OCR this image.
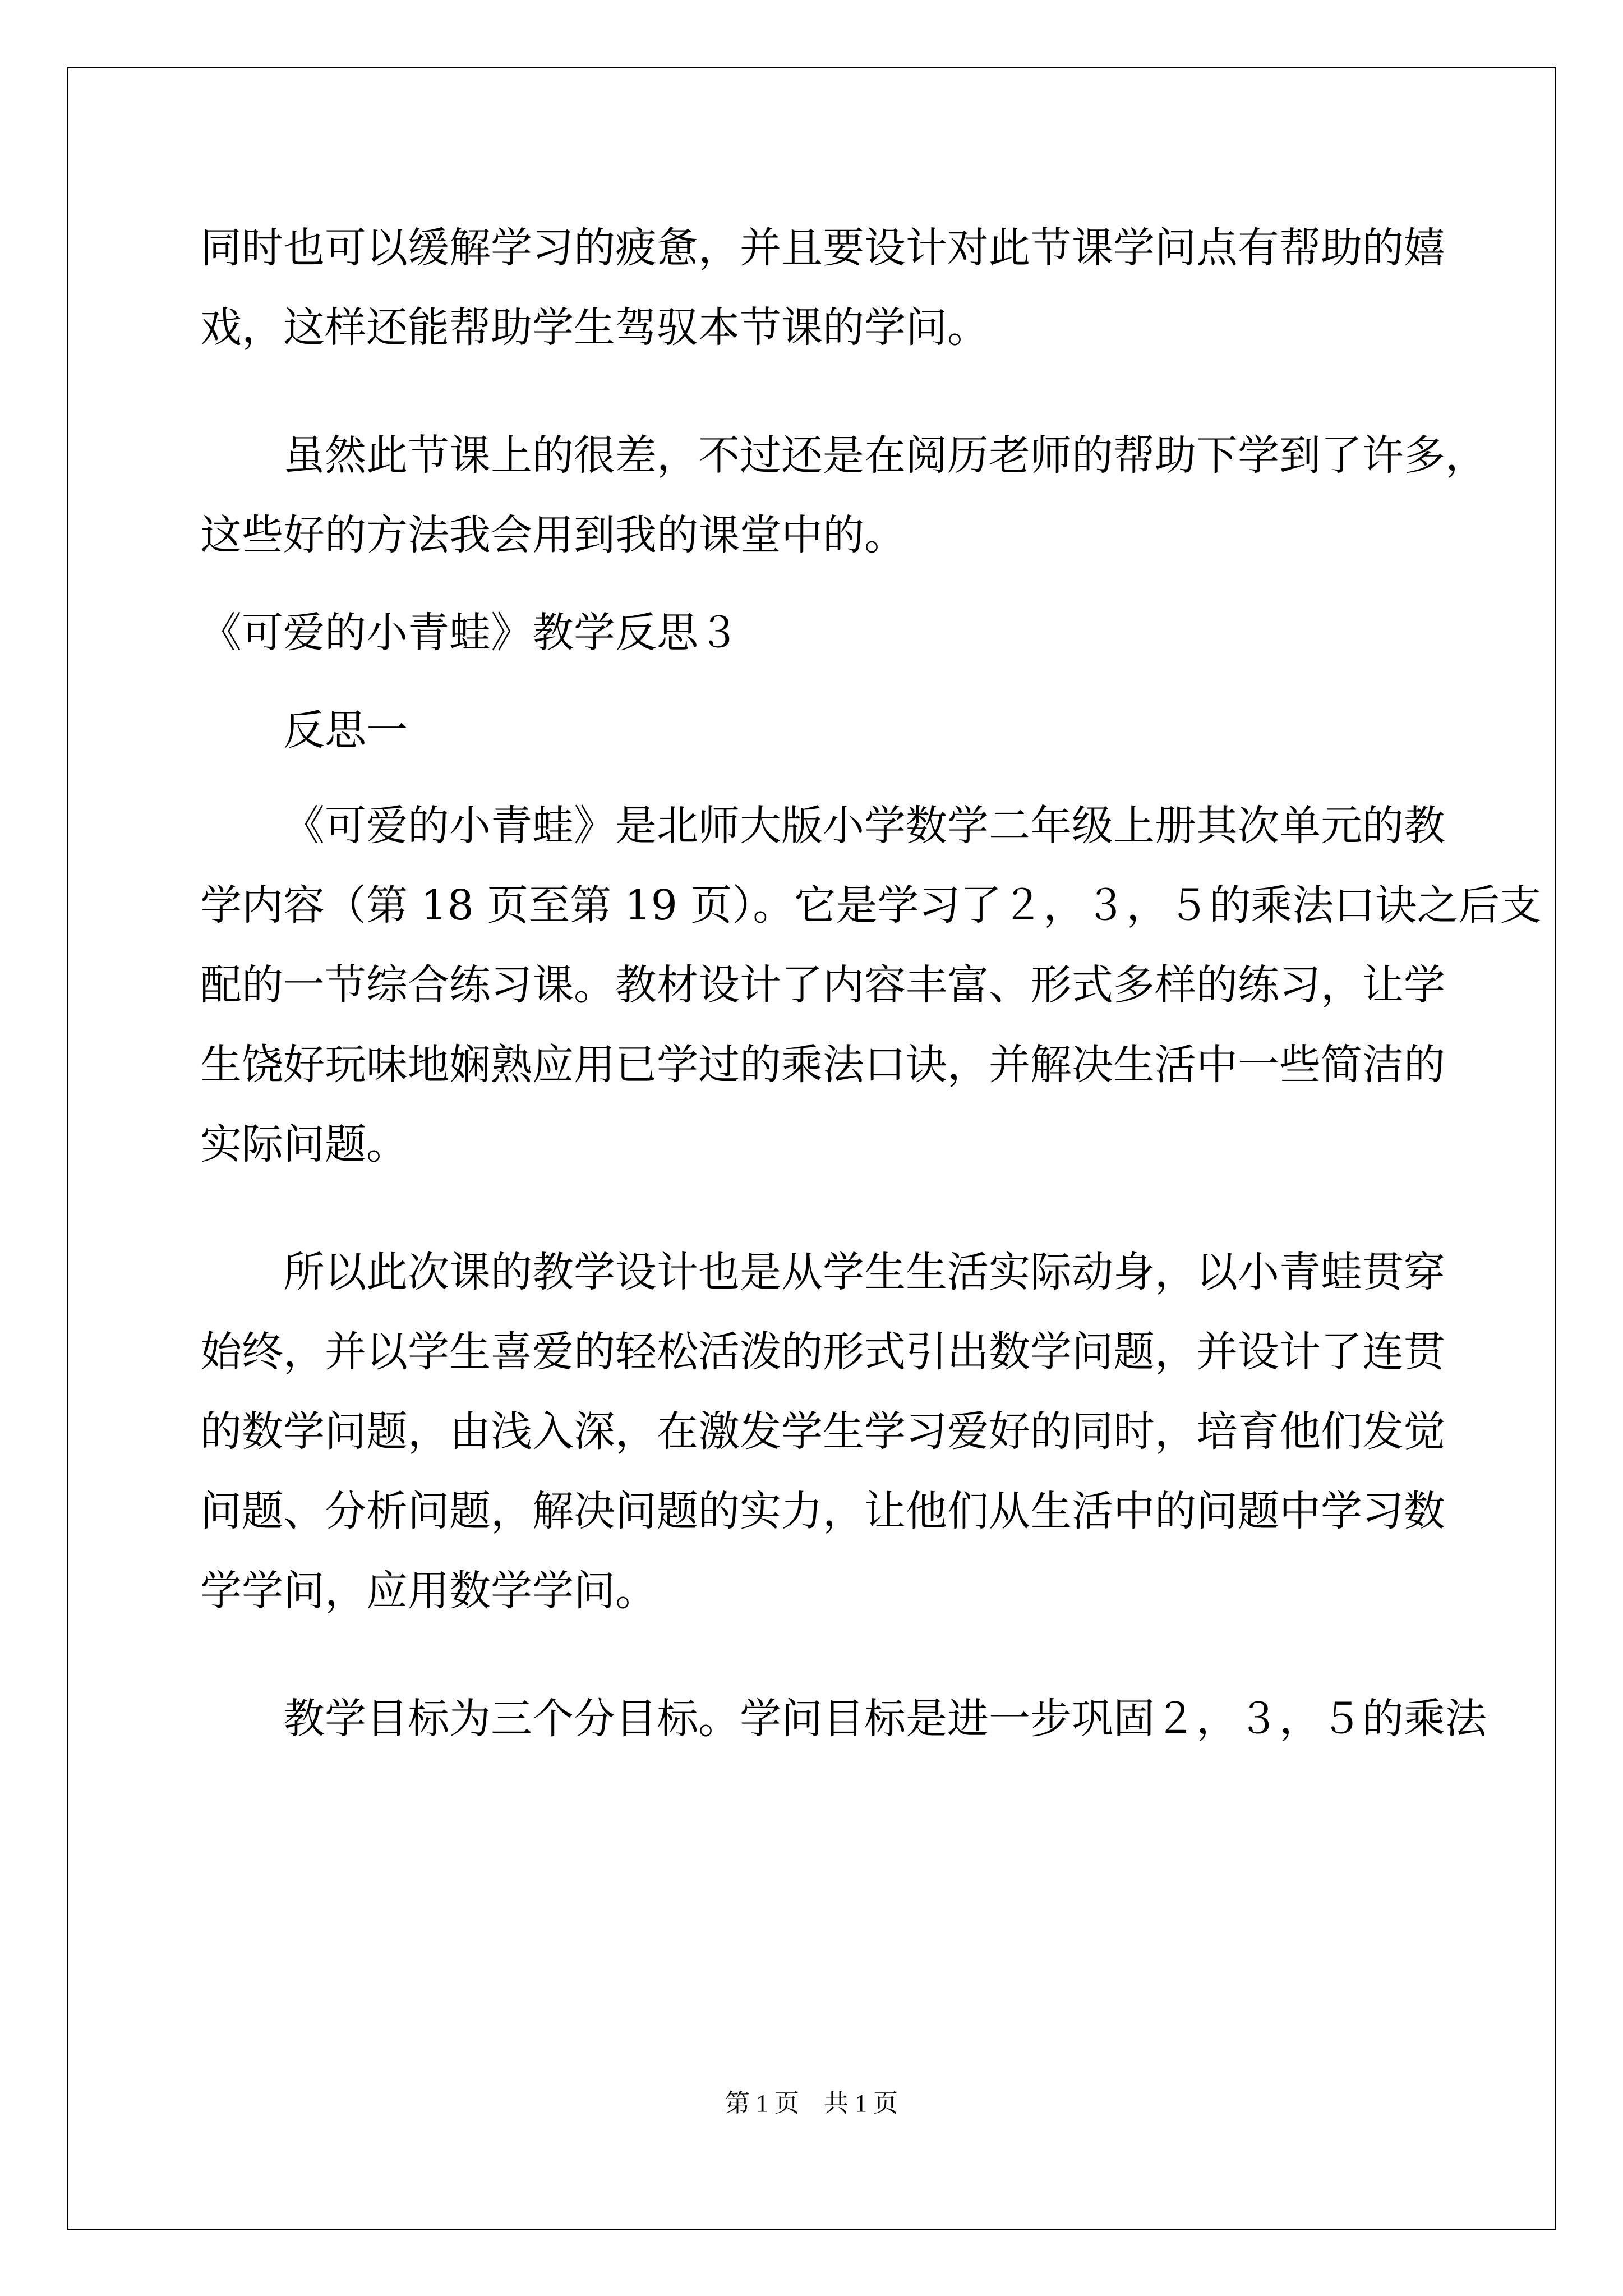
同时也可以缓解学习的疲惫，并且要设计对此节课学问点有帮助的嬉
戏，这样还能帮助学生驾驭本节课的学问。
虽然此节课上的很差，不过还是在阅历老师的帮助下学到了许多，
这些好的方法我会用到我的课堂中的。
《可爱的小青蛙》教学反思３
反思一
《可爱的小青蛙》是北师大版小学数学二年级上册其次单元的教
学内容（第 18 页至第 19 页）。它是学习了２，３，５的乘法口诀之后支
配的一节综合练习课。教材设计了内容丰富、形式多样的练习，让学
生饶好玩味地娴熟应用已学过的乘法口诀，并解决生活中一些简洁的
实际问题。
所以此次课的教学设计也是从学生生活实际动身，以小青蛙贯穿
始终，并以学生喜爱的轻松活泼的形式引出数学问题，并设计了连贯
的数学问题，由浅入深，在激发学生学习爱好的同时，培育他们发觉
问题、分析问题，解决问题的实力，让他们从生活中的问题中学习数
学学问，应用数学学问。
教学目标为三个分目标。学问目标是进一步巩固２，３，５的乘法
第 1 页　共 1 页
